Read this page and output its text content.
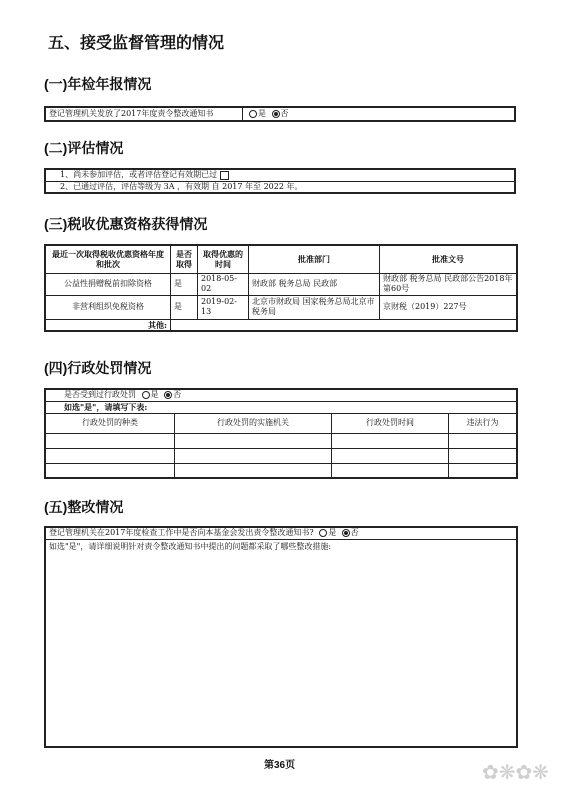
五、接受监督管理的情况
(一)年检年报情况
登记管理机关发放了2017年度责令整改通知书	是 否
(二)评估情况
1、尚未参加评估，或者评估登记有效期已过
2、已通过评估，评估等级为 3A ，有效期 自 2017 年至 2022 年。
(三)税收优惠资格获得情况
最近一次取得税收优惠资格年度和批次	是否取得	取得优惠的时间	批准部门	批准文号
公益性捐赠税前扣除资格	是	2018-05-02	财政部 税务总局 民政部	财政部 税务总局 民政部公告2018年第60号
非营利组织免税资格	是	2019-02-13	北京市财政局 国家税务总局北京市税务局	京财税（2019）227号
其他:				
(四)行政处罚情况
是否受到过行政处罚 是 否			
如选"是"，请填写下表:			
行政处罚的种类	行政处罚的实施机关	行政处罚时间	违法行为

(五)整改情况
登记管理机关在2017年度检查工作中是否向本基金会发出责令整改通知书? 是 否
如选"是"，请详细说明针对责令整改通知书中提出的问题都采取了哪些整改措施:
第36页	✿❋✿❋
